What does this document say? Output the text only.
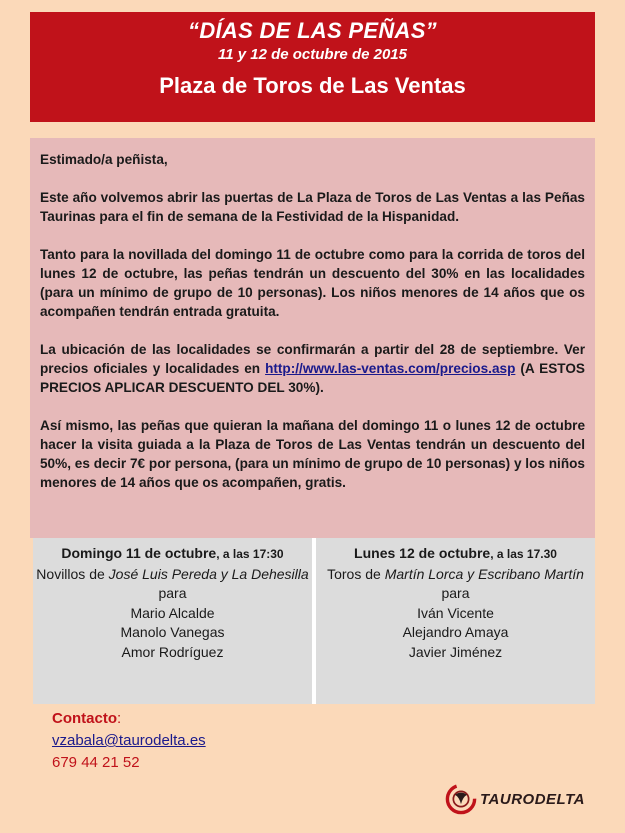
“DÍAS DE LAS PEÑAS”
11 y 12 de octubre de 2015
Plaza de Toros de Las Ventas

Estimado/a peñista,

Este año volvemos abrir las puertas de La Plaza de Toros de Las Ventas a las Peñas Taurinas para el fin de semana de la Festividad de la Hispanidad.

Tanto para la novillada del domingo 11 de octubre como para la corrida de toros del lunes 12 de octubre, las peñas tendrán un descuento del 30% en las localidades (para un mínimo de grupo de 10 personas). Los niños menores de 14 años que os acompañen tendrán entrada gratuita.

La ubicación de las localidades se confirmarán a partir del 28 de septiembre. Ver precios oficiales y localidades en http://www.las-ventas.com/precios.asp (A ESTOS PRECIOS APLICAR DESCUENTO DEL 30%).

Así mismo, las peñas que quieran la mañana del domingo 11 o lunes 12 de octubre hacer la visita guiada a la Plaza de Toros de Las Ventas tendrán un descuento del 50%, es decir 7€ por persona, (para un mínimo de grupo de 10 personas) y los niños menores de 14 años que os acompañen, gratis.

Domingo 11 de octubre, a las 17:30
Novillos de José Luis Pereda y La Dehesilla
para
Mario Alcalde
Manolo Vanegas
Amor Rodríguez
Lunes 12 de octubre, a las 17.30
Toros de Martín Lorca y Escribano Martín
para
Iván Vicente
Alejandro Amaya
Javier Jiménez
Contacto:
vzabala@taurodelta.es
679 44 21 52
TAURODELTA
